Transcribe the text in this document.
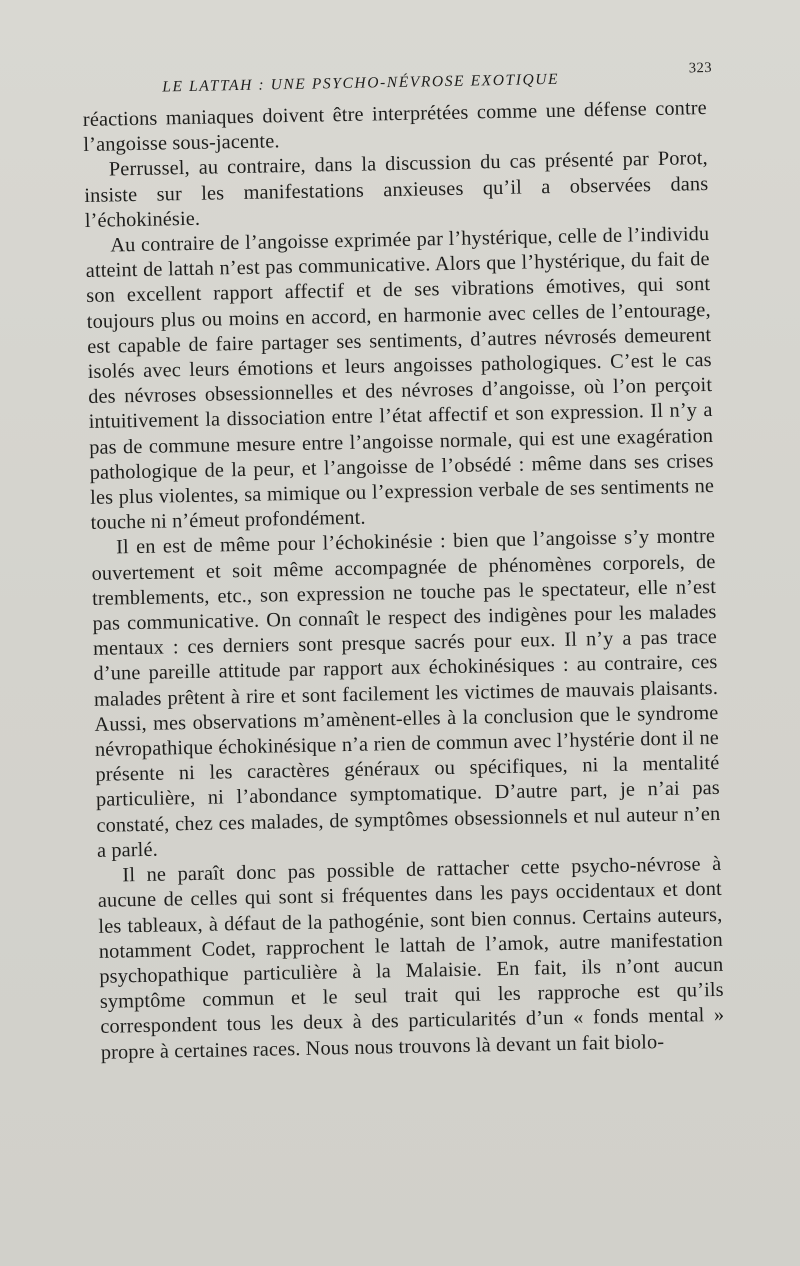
LE LATTAH : UNE PSYCHO-NÉVROSE EXOTIQUE
323

réactions maniaques doivent être interprétées comme une défense contre l’angoisse sous-jacente.

Perrussel, au contraire, dans la discussion du cas présenté par Porot, insiste sur les manifestations anxieuses qu’il a observées dans l’échokinésie.

Au contraire de l’angoisse exprimée par l’hystérique, celle de l’individu atteint de lattah n’est pas communicative. Alors que l’hystérique, du fait de son excellent rapport affectif et de ses vibrations émotives, qui sont toujours plus ou moins en accord, en harmonie avec celles de l’entourage, est capable de faire partager ses sentiments, d’autres névrosés demeurent isolés avec leurs émotions et leurs angoisses pathologiques. C’est le cas des névroses obsessionnelles et des névroses d’angoisse, où l’on perçoit intuitivement la dissociation entre l’état affectif et son expression. Il n’y a pas de commune mesure entre l’angoisse normale, qui est une exagération pathologique de la peur, et l’angoisse de l’obsédé : même dans ses crises les plus violentes, sa mimique ou l’expression verbale de ses sentiments ne touche ni n’émeut profondément.

Il en est de même pour l’échokinésie : bien que l’angoisse s’y montre ouvertement et soit même accompagnée de phénomènes corporels, de tremblements, etc., son expression ne touche pas le spectateur, elle n’est pas communicative. On connaît le respect des indigènes pour les malades mentaux : ces derniers sont presque sacrés pour eux. Il n’y a pas trace d’une pareille attitude par rapport aux échokinésiques : au contraire, ces malades prêtent à rire et sont facilement les victimes de mauvais plaisants. Aussi, mes observations m’amènent-elles à la conclusion que le syndrome névropathique échokinésique n’a rien de commun avec l’hystérie dont il ne présente ni les caractères généraux ou spécifiques, ni la mentalité particulière, ni l’abondance symptomatique. D’autre part, je n’ai pas constaté, chez ces malades, de symptômes obsessionnels et nul auteur n’en a parlé.

Il ne paraît donc pas possible de rattacher cette psycho-névrose à aucune de celles qui sont si fréquentes dans les pays occidentaux et dont les tableaux, à défaut de la pathogénie, sont bien connus. Certains auteurs, notamment Codet, rapprochent le lattah de l’amok, autre manifestation psychopathique particulière à la Malaisie. En fait, ils n’ont aucun symptôme commun et le seul trait qui les rapproche est qu’ils correspondent tous les deux à des particularités d’un « fonds mental » propre à certaines races. Nous nous trouvons là devant un fait biolo-
